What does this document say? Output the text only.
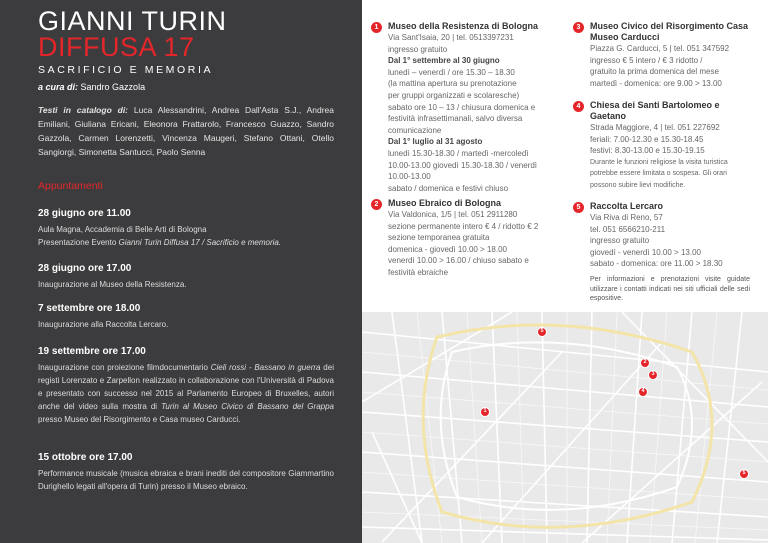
GIANNI TURIN
DIFFUSA 17
SACRIFICIO E MEMORIA
a cura di: Sandro Gazzola
Testi in catalogo di: Luca Alessandrini, Andrea Dall'Asta S.J., Andrea Emiliani, Giuliana Ericani, Eleonora Frattarolo, Francesco Guazzo, Sandro Gazzola, Carmen Lorenzetti, Vincenza Maugeri, Stefano Ottani, Otello Sangiorgi, Simonetta Santucci, Paolo Senna
Appuntamenti
28 giugno ore 11.00
Aula Magna, Accademia di Belle Arti di Bologna
Presentazione Evento Gianni Turin Diffusa 17 / Sacrificio e memoria.
28 giugno ore 17.00
Inaugurazione al Museo della Resistenza.
7 settembre ore 18.00
Inaugurazione alla Raccolta Lercaro.
19 settembre ore 17.00
Inaugurazione con proiezione filmdocumentario Cieli rossi - Bassano in guerra dei registi Lorenzato e Zarpellon realizzato in collaborazione con l'Università di Padova e presentato con successo nel 2015 al Parlamento Europeo di Bruxelles, autori anche del video sulla mostra di Turin al Museo Civico di Bassano del Grappa presso Museo del Risorgimento e Casa museo Carducci.
15 ottobre ore 17.00
Performance musicale (musica ebraica e brani inediti del compositore Giammartino Durighello legati all'opera di Turin) presso il Museo ebraico.
1	Museo della Resistenza di Bologna
Via Sant'Isaia, 20 | tel. 0513397231
ingresso gratuito
Dal 1° settembre al 30 giugno
lunedì – venerdì / ore 15.30 – 18.30
(la mattina apertura su prenotazione
per gruppi organizzati e scolaresche)
sabato ore 10 – 13 / chiusura domenica e
festività infrasettimanali, salvo diversa
comunicazione
Dal 1° luglio al 31 agosto
lunedì 15.30-18.30 / martedì -mercoledì
10.00-13.00 giovedì 15.30-18.30 / venerdì
10.00-13.00
sabato / domenica e festivi chiuso
2	Museo Ebraico di Bologna
Via Valdonica, 1/5 | tel. 051 2911280
sezione permanente intero € 4 / ridotto € 2
sezione temporanea gratuita
domenica - giovedì 10.00 > 18.00
venerdì 10.00 > 16.00 / chiuso sabato e
festività ebraiche
3	Museo Civico del Risorgimento Casa Museo Carducci
Piazza G. Carducci, 5 | tel. 051 347592
ingresso € 5 intero / € 3 ridotto /
gratuito la prima domenica del mese
martedì - domenica: ore 9.00 > 13.00
4	Chiesa dei Santi Bartolomeo e Gaetano
Strada Maggiore, 4 | tel. 051 227692
feriali: 7.00-12.30 e 15.30-18.45
festivi: 8.30-13.00 e 15.30-19.15
Durante le funzioni religiose la visita turistica
potrebbe essere limitata o sospesa. Gli orari
possono subire lievi modifiche.
5	Raccolta Lercaro
Via Riva di Reno, 57
tel. 051 6566210-211
ingresso gratuito
giovedì - venerdì 10.00 > 13.00
sabato - domenica: ore 11.00 > 18.30
Per informazioni e prenotazioni visite guidate utilizzare i contatti indicati nei siti ufficiali delle sedi espositive.
5
2
3
4
1
5
